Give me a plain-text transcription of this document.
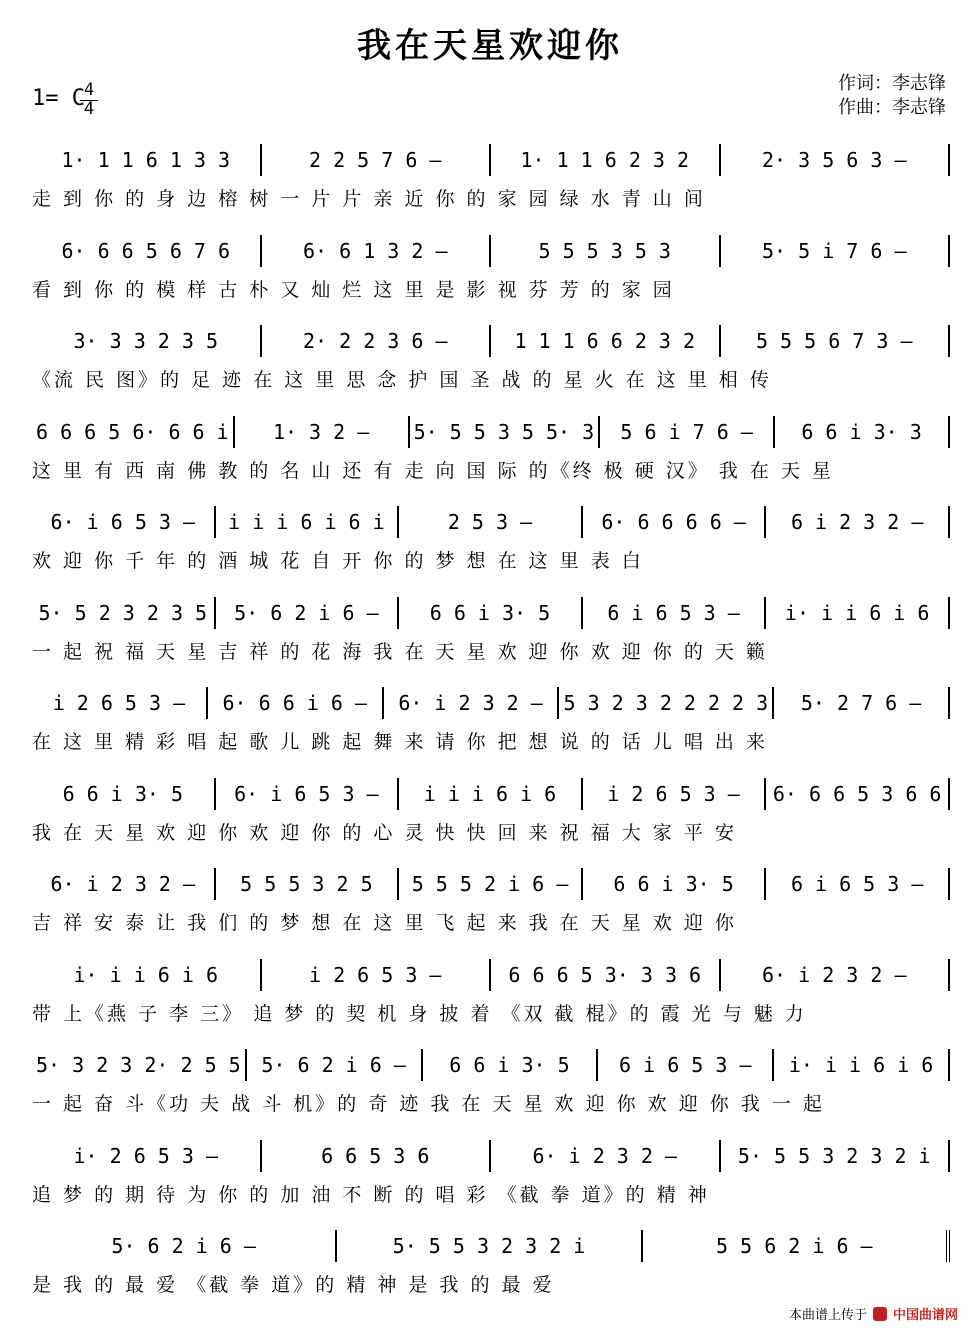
我在天星欢迎你
1= C
4
4
作词：李志锋
作曲：李志锋
1· 1 1 6 1 3 3	2 2 5 7 6 —	1· 1 1 6 2 3 2	2· 3 5 6 3 —
走 到 你 的 身 边 榕 树 一 片 片 亲 近 你 的 家 园 绿 水 青 山 间
6· 6 6 5 6 7 6	6· 6 1 3 2 —	5 5 5 3 5 3	5· 5 i 7 6 —
看 到 你 的 模 样 古 朴 又 灿 烂 这 里 是 影 视 芬 芳 的 家 园
3· 3 3 2 3 5	2· 2 2 3 6 —	1 1 1 6 6 2 3 2	5 5 5 6 7 3 —
《流 民 图》的 足 迹 在 这 里 思 念 护 国 圣 战 的 星 火 在 这 里 相 传
6 6 6 5 6· 6 6 i	1· 3 2 —	5· 5 5 3 5 5· 3	5 6 i 7 6 —	6 6 i 3· 3
这 里 有 西 南 佛 教 的 名 山 还 有 走 向 国 际 的《终 极 硬 汉》 我 在 天 星
6· i 6 5 3 —	i i i 6 i 6 i	2 5 3 —	6· 6 6 6 6 —	6 i 2 3 2 —
欢 迎 你 千 年 的 酒 城 花 自 开 你 的 梦 想 在 这 里 表 白
5· 5 2 3 2 3 5	5· 6 2 i 6 —	6 6 i 3· 5	6 i 6 5 3 —	i· i i 6 i 6
一 起 祝 福 天 星 吉 祥 的 花 海 我 在 天 星 欢 迎 你 欢 迎 你 的 天 籁
i 2 6 5 3 —	6· 6 6 i 6 —	6· i 2 3 2 —	5 3 2 3 2 2 2 2 3	5· 2 7 6 —
在 这 里 精 彩 唱 起 歌 儿 跳 起 舞 来 请 你 把 想 说 的 话 儿 唱 出 来
6 6 i 3· 5	6· i 6 5 3 —	i i i 6 i 6	i 2 6 5 3 —	6· 6 6 5 3 6 6
我 在 天 星 欢 迎 你 欢 迎 你 的 心 灵 快 快 回 来 祝 福 大 家 平 安
6· i 2 3 2 —	5 5 5 3 2 5	5 5 5 2 i 6 —	6 6 i 3· 5	6 i 6 5 3 —
吉 祥 安 泰 让 我 们 的 梦 想 在 这 里 飞 起 来 我 在 天 星 欢 迎 你
i· i i 6 i 6	i 2 6 5 3 —	6 6 6 5 3· 3 3 6	6· i 2 3 2 —
带 上《燕 子 李 三》 追 梦 的 契 机 身 披 着 《双 截 棍》的 霞 光 与 魅 力
5· 3 2 3 2· 2 5 5	5· 6 2 i 6 —	6 6 i 3· 5	6 i 6 5 3 —	i· i i 6 i 6
一 起 奋 斗《功 夫 战 斗 机》的 奇 迹 我 在 天 星 欢 迎 你 欢 迎 你 我 一 起
i· 2 6 5 3 —	6 6 5 3 6	6· i 2 3 2 —	5· 5 5 3 2 3 2 i
追 梦 的 期 待 为 你 的 加 油 不 断 的 唱 彩 《截 拳 道》的 精 神
5· 6 2 i 6 —	5· 5 5 3 2 3 2 i	5 5 6 2 i 6 —
是 我 的 最 爱 《截 拳 道》的 精 神 是 我 的 最 爱
本曲谱上传于 中国曲谱网
